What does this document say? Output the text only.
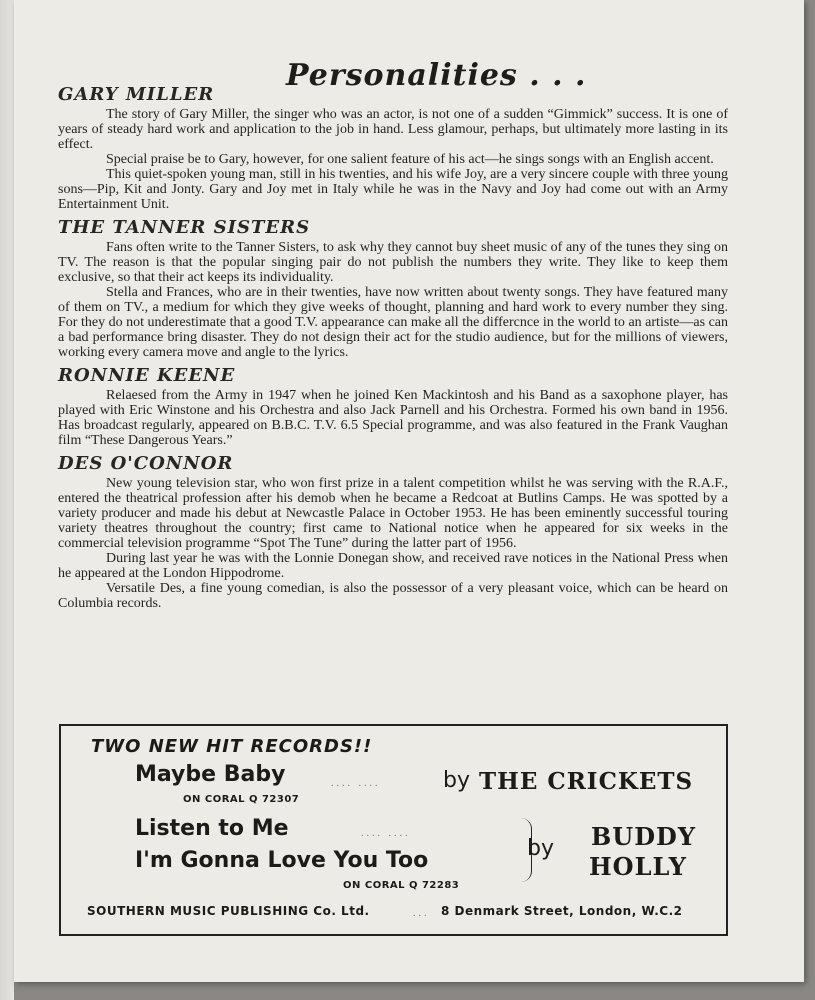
Personalities . . .
GARY MILLER

The story of Gary Miller, the singer who was an actor, is not one of a sudden “Gimmick” success. It is one of years of steady hard work and application to the job in hand. Less glamour, perhaps, but ultimately more lasting in its effect.

Special praise be to Gary, however, for one salient feature of his act—he sings songs with an English accent.

This quiet-spoken young man, still in his twenties, and his wife Joy, are a very sincere couple with three young sons—Pip, Kit and Jonty. Gary and Joy met in Italy while he was in the Navy and Joy had come out with an Army Entertainment Unit.

THE TANNER SISTERS

Fans often write to the Tanner Sisters, to ask why they cannot buy sheet music of any of the tunes they sing on TV. The reason is that the popular singing pair do not publish the numbers they write. They like to keep them exclusive, so that their act keeps its individuality.

Stella and Frances, who are in their twenties, have now written about twenty songs. They have featured many of them on TV., a medium for which they give weeks of thought, planning and hard work to every number they sing. For they do not underestimate that a good T.V. appearance can make all the differcnce in the world to an artiste—as can a bad performance bring disaster. They do not design their act for the studio audience, but for the millions of viewers, working every camera move and angle to the lyrics.

RONNIE KEENE

Relaesed from the Army in 1947 when he joined Ken Mackintosh and his Band as a saxophone player, has played with Eric Winstone and his Orchestra and also Jack Parnell and his Orchestra. Formed his own band in 1956. Has broadcast regularly, appeared on B.B.C. T.V. 6.5 Special programme, and was also featured in the Frank Vaughan film “These Dangerous Years.”

DES O'CONNOR

New young television star, who won first prize in a talent competition whilst he was serving with the R.A.F., entered the theatrical profession after his demob when he became a Redcoat at Butlins Camps. He was spotted by a variety producer and made his debut at Newcastle Palace in October 1953. He has been eminently successful touring variety theatres throughout the country; first came to National notice when he appeared for six weeks in the commercial television programme “Spot The Tune” during the latter part of 1956.

During last year he was with the Lonnie Donegan show, and received rave notices in the National Press when he appeared at the London Hippodrome.

Versatile Des, a fine young comedian, is also the possessor of a very pleasant voice, which can be heard on Columbia records.

TWO NEW HIT RECORDS!!
Maybe Baby
ON CORAL Q 72307
.... ....	by THE CRICKETS
Listen to Me	.... ....
I'm Gonna Love You Too
ON CORAL Q 72283
by BUDDY
HOLLY
SOUTHERN MUSIC PUBLISHING Co. Ltd.	... 8 Denmark Street, London, W.C.2
